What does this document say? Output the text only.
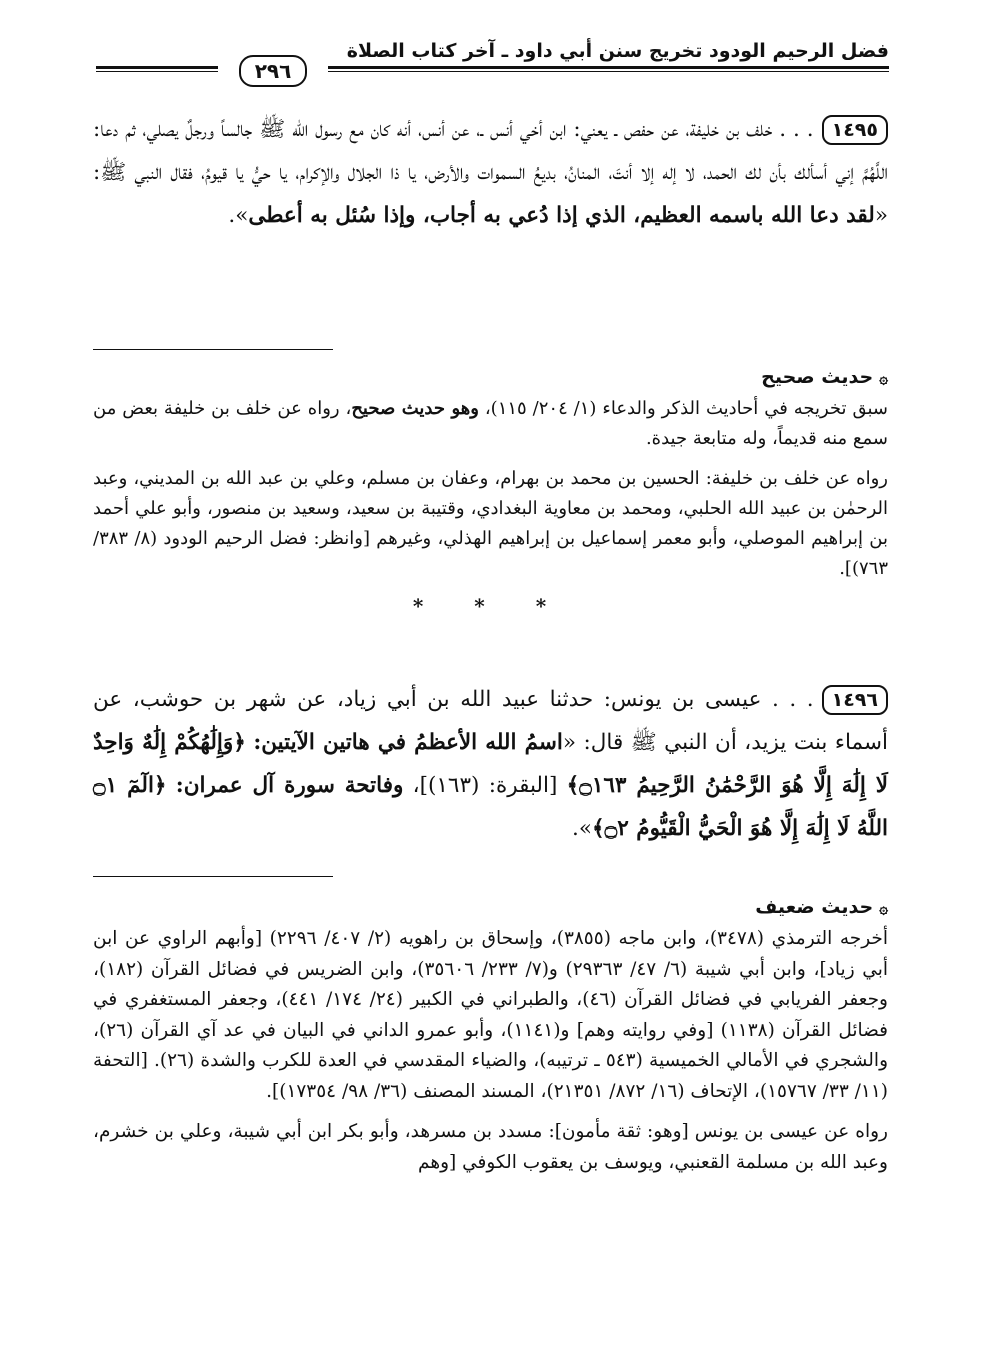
فضل الرحيم الودود تخريج سنن أبي داود ـ آخر كتاب الصلاة
٢٩٦

١٤٩٥. . . خلف بن خليفة، عن حفص ـ يعني: ابن أخي أنس ـ، عن أنس، أنه كان مع رسول الله ﷺ جالساً ورجلٌ يصلي، ثم دعا: اللَّهُمَّ إني أسألك بأن لك الحمد، لا إله إلا أنتَ، المنانُ، بديعُ السموات والأرض، يا ذا الجلال والإكرام، يا حيُّ يا قيومُ، فقال النبي ﷺ: «لقد دعا الله باسمه العظيم، الذي إذا دُعي به أجاب، وإذا سُئل به أعطى».

۞حديث صحيح

سبق تخريجه في أحاديث الذكر والدعاء (١/ ٢٠٤/ ١١٥)، وهو حديث صحيح، رواه عن خلف بن خليفة بعض من سمع منه قديماً، وله متابعة جيدة.

رواه عن خلف بن خليفة: الحسين بن محمد بن بهرام، وعفان بن مسلم، وعلي بن عبد الله بن المديني، وعبد الرحمٰن بن عبيد الله الحلبي، ومحمد بن معاوية البغدادي، وقتيبة بن سعيد، وسعيد بن منصور، وأبو علي أحمد بن إبراهيم الموصلي، وأبو معمر إسماعيل بن إبراهيم الهذلي، وغيرهم [وانظر: فضل الرحيم الودود (٨/ ٣٨٣/ ٧٦٣)].

* * *

١٤٩٦. . . عيسى بن يونس: حدثنا عبيد الله بن أبي زياد، عن شهر بن حوشب، عن أسماء بنت يزيد، أن النبي ﷺ قال: «اسمُ الله الأعظمُ في هاتين الآيتين: ﴿وَإِلَٰهُكُمْ إِلَٰهٌ وَاحِدٌ لَا إِلَٰهَ إِلَّا هُوَ الرَّحْمَٰنُ الرَّحِيمُ ۝١٦٣﴾ [البقرة: (١٦٣)]، وفاتحة سورة آل عمران: ﴿الٓمٓ ۝١ اللَّهُ لَا إِلَٰهَ إِلَّا هُوَ الْحَيُّ الْقَيُّومُ ۝٢﴾».

۞حديث ضعيف

أخرجه الترمذي (٣٤٧٨)، وابن ماجه (٣٨٥٥)، وإسحاق بن راهويه (٢/ ٤٠٧/ ٢٢٩٦) [وأبهم الراوي عن ابن أبي زياد]، وابن أبي شيبة (٦/ ٤٧/ ٢٩٣٦٣) و(٧/ ٢٣٣/ ٣٥٦٠٦)، وابن الضريس في فضائل القرآن (١٨٢)، وجعفر الفريابي في فضائل القرآن (٤٦)، والطبراني في الكبير (٢٤/ ١٧٤/ ٤٤١)، وجعفر المستغفري في فضائل القرآن (١١٣٨) [وفي روايته وهم] و(١١٤١)، وأبو عمرو الداني في البيان في عد آي القرآن (٢٦)، والشجري في الأمالي الخميسية (٥٤٣ ـ ترتيبه)، والضياء المقدسي في العدة للكرب والشدة (٢٦). [التحفة (١١/ ٣٣/ ١٥٧٦٧)، الإتحاف (١٦/ ٨٧٢/ ٢١٣٥١)، المسند المصنف (٣٦/ ٩٨/ ١٧٣٥٤)].

رواه عن عيسى بن يونس [وهو: ثقة مأمون]: مسدد بن مسرهد، وأبو بكر ابن أبي شيبة، وعلي بن خشرم، وعبد الله بن مسلمة القعنبي، ويوسف بن يعقوب الكوفي [وهم
